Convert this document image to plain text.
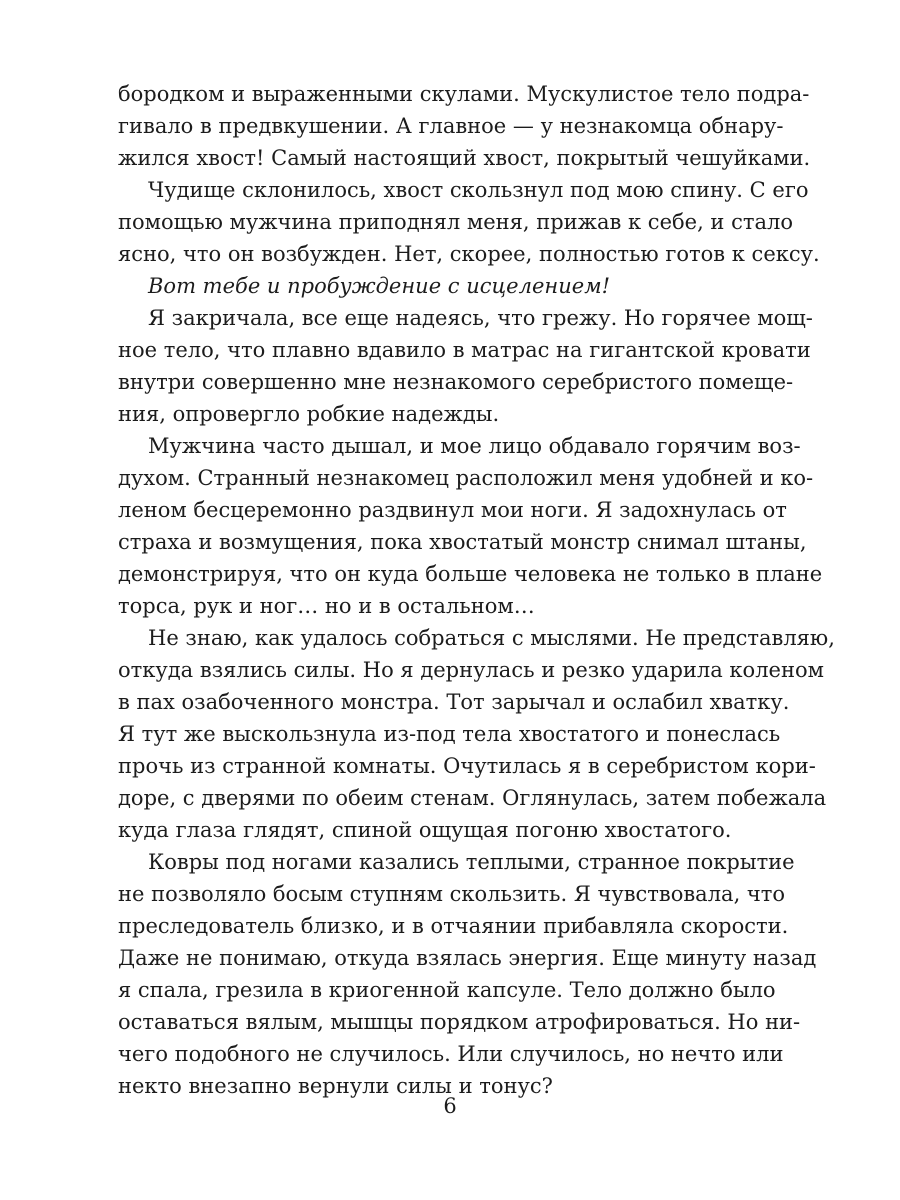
бородком и выраженными скулами. Мускулистое тело подра-
гивало в предвкушении. А главное — у незнакомца обнару-
жился хвост! Самый настоящий хвост, покрытый чешуйками.

Чудище склонилось, хвост скользнул под мою спину. С его
помощью мужчина приподнял меня, прижав к себе, и стало
ясно, что он возбужден. Нет, скорее, полностью готов к сексу.

Вот тебе и пробуждение с исцелением!

Я закричала, все еще надеясь, что грежу. Но горячее мощ-
ное тело, что плавно вдавило в матрас на гигантской кровати
внутри совершенно мне незнакомого серебристого помеще-
ния, опровергло робкие надежды.

Мужчина часто дышал, и мое лицо обдавало горячим воз-
духом. Странный незнакомец расположил меня удобней и ко-
леном бесцеремонно раздвинул мои ноги. Я задохнулась от
страха и возмущения, пока хвостатый монстр снимал штаны,
демонстрируя, что он куда больше человека не только в плане
торса, рук и ног… но и в остальном…

Не знаю, как удалось собраться с мыслями. Не представляю,
откуда взялись силы. Но я дернулась и резко ударила коленом
в пах озабоченного монстра. Тот зарычал и ослабил хватку.
Я тут же выскользнула из-под тела хвостатого и понеслась
прочь из странной комнаты. Очутилась я в серебристом кори-
доре, с дверями по обеим стенам. Оглянулась, затем побежала
куда глаза глядят, спиной ощущая погоню хвостатого.

Ковры под ногами казались теплыми, странное покрытие
не позволяло босым ступням скользить. Я чувствовала, что
преследователь близко, и в отчаянии прибавляла скорости.
Даже не понимаю, откуда взялась энергия. Еще минуту назад
я спала, грезила в криогенной капсуле. Тело должно было
оставаться вялым, мышцы порядком атрофироваться. Но ни-
чего подобного не случилось. Или случилось, но нечто или
некто внезапно вернули силы и тонус?

6
